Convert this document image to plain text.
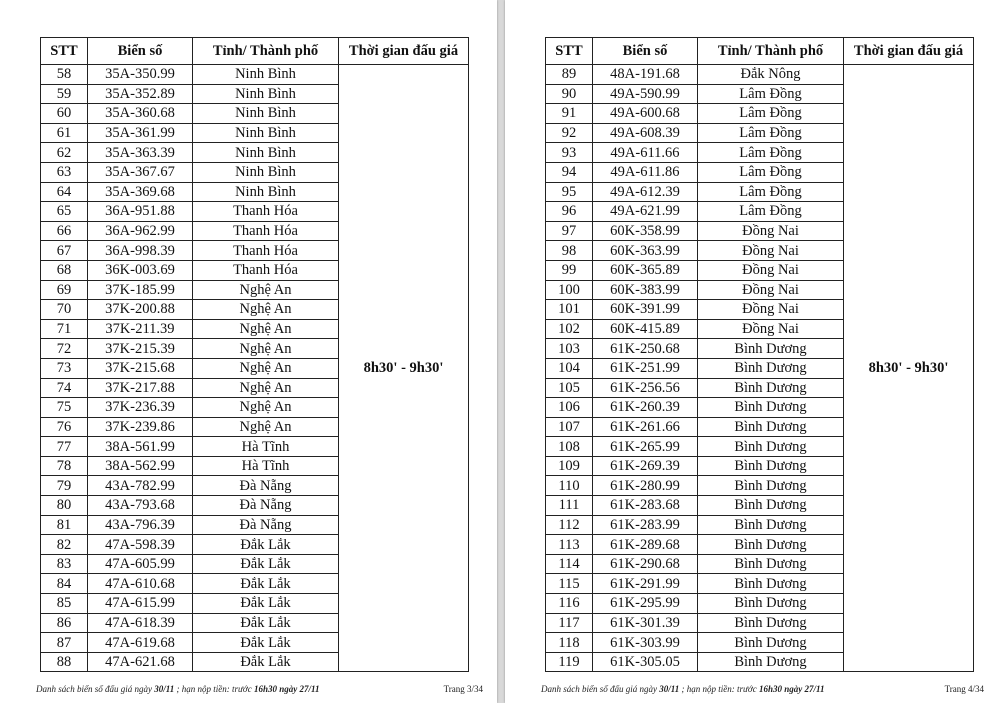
STT	Biển số	Tỉnh/ Thành phố	Thời gian đấu giá
58	35A-350.99	Ninh Bình	8h30' - 9h30'
59	35A-352.89	Ninh Bình	
60	35A-360.68	Ninh Bình	
61	35A-361.99	Ninh Bình	
62	35A-363.39	Ninh Bình	
63	35A-367.67	Ninh Bình	
64	35A-369.68	Ninh Bình	
65	36A-951.88	Thanh Hóa	
66	36A-962.99	Thanh Hóa	
67	36A-998.39	Thanh Hóa	
68	36K-003.69	Thanh Hóa	
69	37K-185.99	Nghệ An	
70	37K-200.88	Nghệ An	
71	37K-211.39	Nghệ An	
72	37K-215.39	Nghệ An	
73	37K-215.68	Nghệ An	
74	37K-217.88	Nghệ An	
75	37K-236.39	Nghệ An	
76	37K-239.86	Nghệ An	
77	38A-561.99	Hà Tĩnh	
78	38A-562.99	Hà Tĩnh	
79	43A-782.99	Đà Nẵng	
80	43A-793.68	Đà Nẵng	
81	43A-796.39	Đà Nẵng	
82	47A-598.39	Đắk Lắk	
83	47A-605.99	Đắk Lắk	
84	47A-610.68	Đắk Lắk	
85	47A-615.99	Đắk Lắk	
86	47A-618.39	Đắk Lắk	
87	47A-619.68	Đắk Lắk	
88	47A-621.68	Đắk Lắk	
Danh sách biển số đấu giá ngày 30/11 ; hạn nộp tiền: trước 16h30 ngày 27/11	Trang 3/34
STT	Biển số	Tỉnh/ Thành phố	Thời gian đấu giá
89	48A-191.68	Đắk Nông	8h30' - 9h30'
90	49A-590.99	Lâm Đồng	
91	49A-600.68	Lâm Đồng	
92	49A-608.39	Lâm Đồng	
93	49A-611.66	Lâm Đồng	
94	49A-611.86	Lâm Đồng	
95	49A-612.39	Lâm Đồng	
96	49A-621.99	Lâm Đồng	
97	60K-358.99	Đồng Nai	
98	60K-363.99	Đồng Nai	
99	60K-365.89	Đồng Nai	
100	60K-383.99	Đồng Nai	
101	60K-391.99	Đồng Nai	
102	60K-415.89	Đồng Nai	
103	61K-250.68	Bình Dương	
104	61K-251.99	Bình Dương	
105	61K-256.56	Bình Dương	
106	61K-260.39	Bình Dương	
107	61K-261.66	Bình Dương	
108	61K-265.99	Bình Dương	
109	61K-269.39	Bình Dương	
110	61K-280.99	Bình Dương	
111	61K-283.68	Bình Dương	
112	61K-283.99	Bình Dương	
113	61K-289.68	Bình Dương	
114	61K-290.68	Bình Dương	
115	61K-291.99	Bình Dương	
116	61K-295.99	Bình Dương	
117	61K-301.39	Bình Dương	
118	61K-303.99	Bình Dương	
119	61K-305.05	Bình Dương	
Danh sách biển số đấu giá ngày 30/11 ; hạn nộp tiền: trước 16h30 ngày 27/11	Trang 4/34
